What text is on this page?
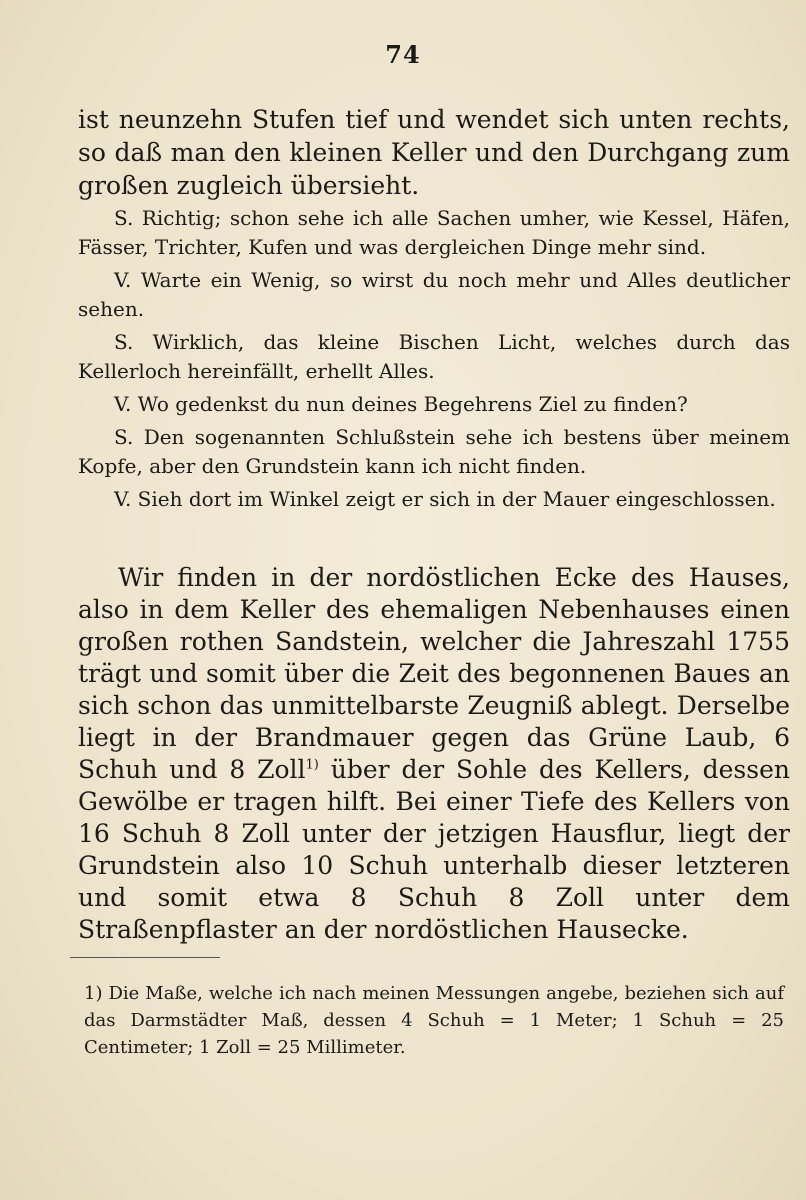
74

ist neunzehn Stufen tief und wendet sich unten rechts, so daß man den kleinen Keller und den Durchgang zum großen zugleich übersieht.

S. Richtig; schon sehe ich alle Sachen umher, wie Kessel, Häfen, Fässer, Trichter, Kufen und was dergleichen Dinge mehr sind.

V. Warte ein Wenig, so wirst du noch mehr und Alles deutlicher sehen.

S. Wirklich, das kleine Bischen Licht, welches durch das Kellerloch hereinfällt, erhellt Alles.

V. Wo gedenkst du nun deines Begehrens Ziel zu finden?

S. Den sogenannten Schlußstein sehe ich bestens über meinem Kopfe, aber den Grundstein kann ich nicht finden.

V. Sieh dort im Winkel zeigt er sich in der Mauer eingeschlossen.

Wir finden in der nordöstlichen Ecke des Hauses, also in dem Keller des ehemaligen Nebenhauses einen großen rothen Sandstein, welcher die Jahreszahl 1755 trägt und somit über die Zeit des begonnenen Baues an sich schon das unmittelbarste Zeugniß ablegt. Derselbe liegt in der Brandmauer gegen das Grüne Laub, 6 Schuh und 8 Zoll$^{1)}$ über der Sohle des Kellers, dessen Gewölbe er tragen hilft. Bei einer Tiefe des Kellers von 16 Schuh 8 Zoll unter der jetzigen Hausflur, liegt der Grundstein also 10 Schuh unterhalb dieser letzteren und somit etwa 8 Schuh 8 Zoll unter dem Straßenpflaster an der nordöstlichen Hausecke.

1) Die Maße, welche ich nach meinen Messungen angebe, beziehen sich auf das Darmstädter Maß, dessen 4 Schuh = 1 Meter; 1 Schuh = 25 Centimeter; 1 Zoll = 25 Millimeter.
